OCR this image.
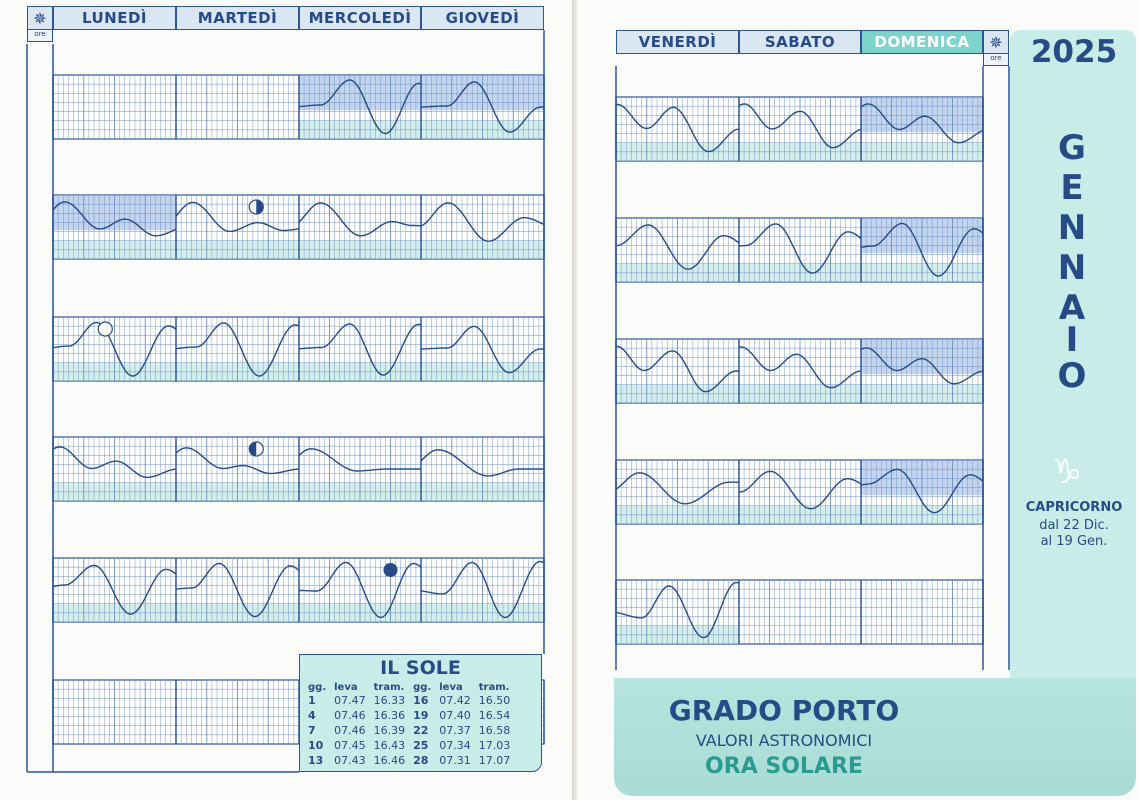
✵
ore
LUNEDÌ	MARTEDÌ	MERCOLEDÌ	GIOVEDÌ
VENERDÌ	SABATO	DOMENICA	✵
ore
IL SOLE
gg.	leva	tram.	gg.	leva	tram.
1	07.47	16.33	16	07.42	16.50
4	07.46	16.36	19	07.40	16.54
7	07.46	16.39	22	07.37	16.58
10	07.45	16.43	25	07.34	17.03
13	07.43	16.46	28	07.31	17.07
2025
G
E
N
N
A
I
O
♑
CAPRICORNO
dal 22 Dic.
al 19 Gen.
GRADO PORTO
VALORI ASTRONOMICI
ORA SOLARE
